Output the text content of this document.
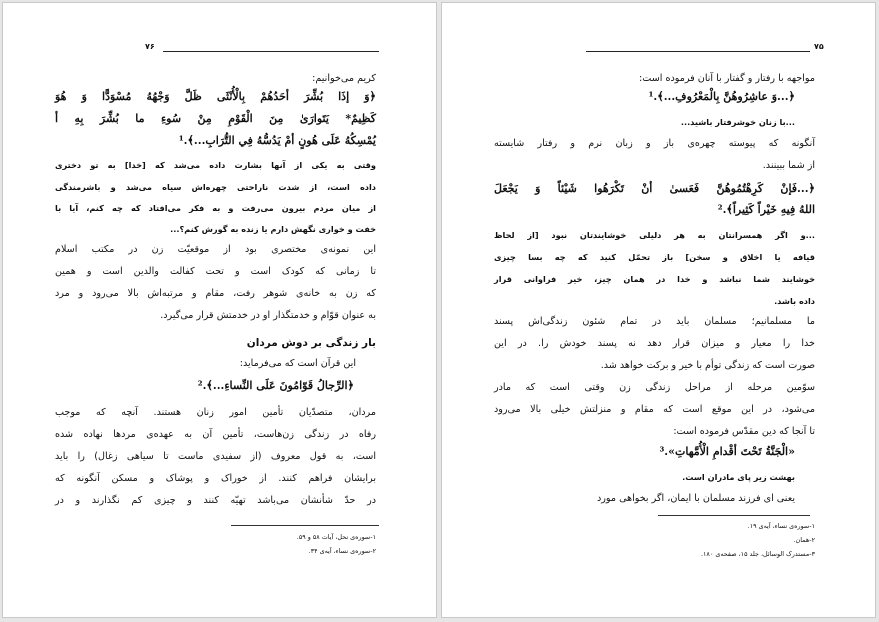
۷۶
کریم می‌خوانیم:
﴿وَ إذَا بُشِّرَ أحَدُهُمْ بِالْأُنْثَى ظَلَّ وَجْهُهُ مُسْوَدًّا وَ هُوَ
كَظِيمٌ* يَتَوارَىٰ مِنَ الْقَوْمِ مِنْ سُوءِ ما بُشِّرَ بِهِ أ
يُمْسِكُهُ عَلَى هُونٍ أمْ يَدُسُّهُ فِي التُّرَابِ...﴾.¹
وقتی به یکی از آنها بشارت داده می‌شد که [خدا] به تو دختری
داده است، از شدت ناراحتی چهره‌اش سیاه می‌شد و باشرمندگی
از میان مردم بیرون می‌رفت و به فکر می‌افتاد که چه کنم، آیا با
خفت و خواری نگهش دارم یا زنده به گورش کنم؟...
این نمونه‌ی مختصری بود از موقعیّت زن در مکتب اسلام
تا زمانی که کودک است و تحت کفالت والدین است و همین
که زن به خانه‌ی شوهر رفت، مقام و مرتبه‌اش بالا می‌رود و مرد
به عنوان قوّام و خدمتگذار او در خدمتش قرار می‌گیرد.
بار زندگی بر دوش مردان
این قرآن است که می‌فرماید:
﴿الرِّجالُ قَوّامُونَ عَلَى النِّساءِ...﴾.²
مردان، متصدّیان تأمین امور زنان هستند. آنچه که موجب
رفاه در زندگی زن‌هاست، تأمین آن به عهده‌ی مردها نهاده شده
است، به قول معروف (از سفیدی ماست تا سیاهی زغال) را باید
برایشان فراهم کنند. از خوراک و پوشاک و مسکن آنگونه که
در حدّ شأنشان می‌باشد تهیّه کنند و چیزی کم نگذارند و در
۱-سوره‌ی نحل، آیات ۵۸ و ۵۹.
۲-سوره‌ی نساء، آیه‌ی ۳۴.
۷۵
مواجهه با رفتار و گفتار با آنان فرموده است:
﴿...وَ عاشِرُوهُنَّ بِالْمَعْرُوفِ...﴾.¹
...با زنان خوشرفتار باشید...
آنگونه که پیوسته چهره‌ی باز و زبان نرم و رفتار شایسته
از شما ببینند.
﴿...فَإنْ كَرِهْتُمُوهُنَّ فَعَسىٰ أنْ تَكْرَهُوا شَيْئاً وَ يَجْعَلَ
اللهُ فِيهِ خَيْراً كَثِيراً﴾.²
...و اگر همسرانتان به هر دلیلی خوشایندتان نبود [از لحاظ
قیافه یا اخلاق و سخن] باز تحمّل کنید که چه بسا چیزی
خوشایند شما نباشد و خدا در همان چیز، خیر فراوانی قرار
داده باشد.
ما مسلمانیم؛ مسلمان باید در تمام شئون زندگی‌اش پسند
خدا را معیار و میزان قرار دهد نه پسند خودش را. در این
صورت است که زندگی توأم با خیر و برکت خواهد شد.
سوّمین مرحله از مراحل زندگی زن وقتی است که مادر
می‌شود، در این موقع است که مقام و منزلتش خیلی بالا می‌رود
تا آنجا که دین مقدّس فرموده است:
«الْجَنَّةُ تَحْتَ أقْدامِ الْأُمَّهاتِ».³
بهشت زیر پای مادران است.
یعنی ای فرزند مسلمان با ایمان، اگر بخواهی مورد
۱-سوره‌ی نساء، آیه‌ی ۱۹.
۲-همان.
۳-مستدرک الوسائل، جلد ۱۵، صفحه‌ی ۱۸۰.
